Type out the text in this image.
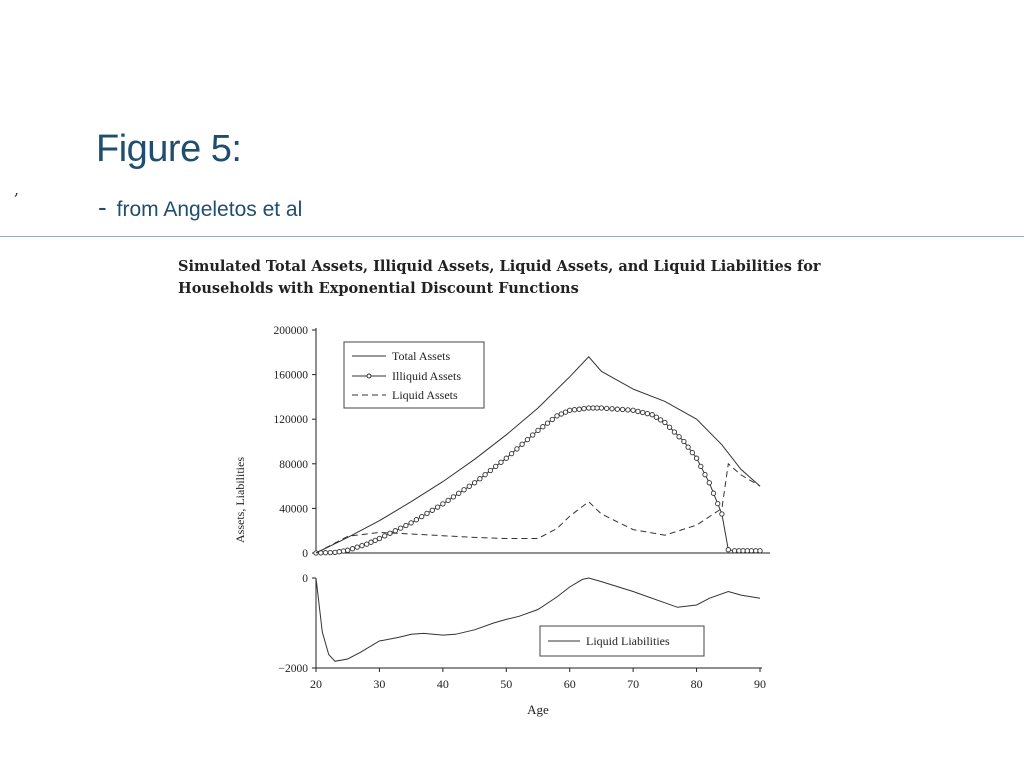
,
Figure 5:
- from Angeletos et al
Simulated Total Assets, Illiquid Assets, Liquid Assets, and Liquid Liabilities for
Households with Exponential Discount Functions
0
40000
80000
120000
160000
200000
Assets, Liabilities
Total Assets
Illiquid Assets
Liquid Assets
−2000
0
20	30	40	50	60	70	80	90
Age
Liquid Liabilities
